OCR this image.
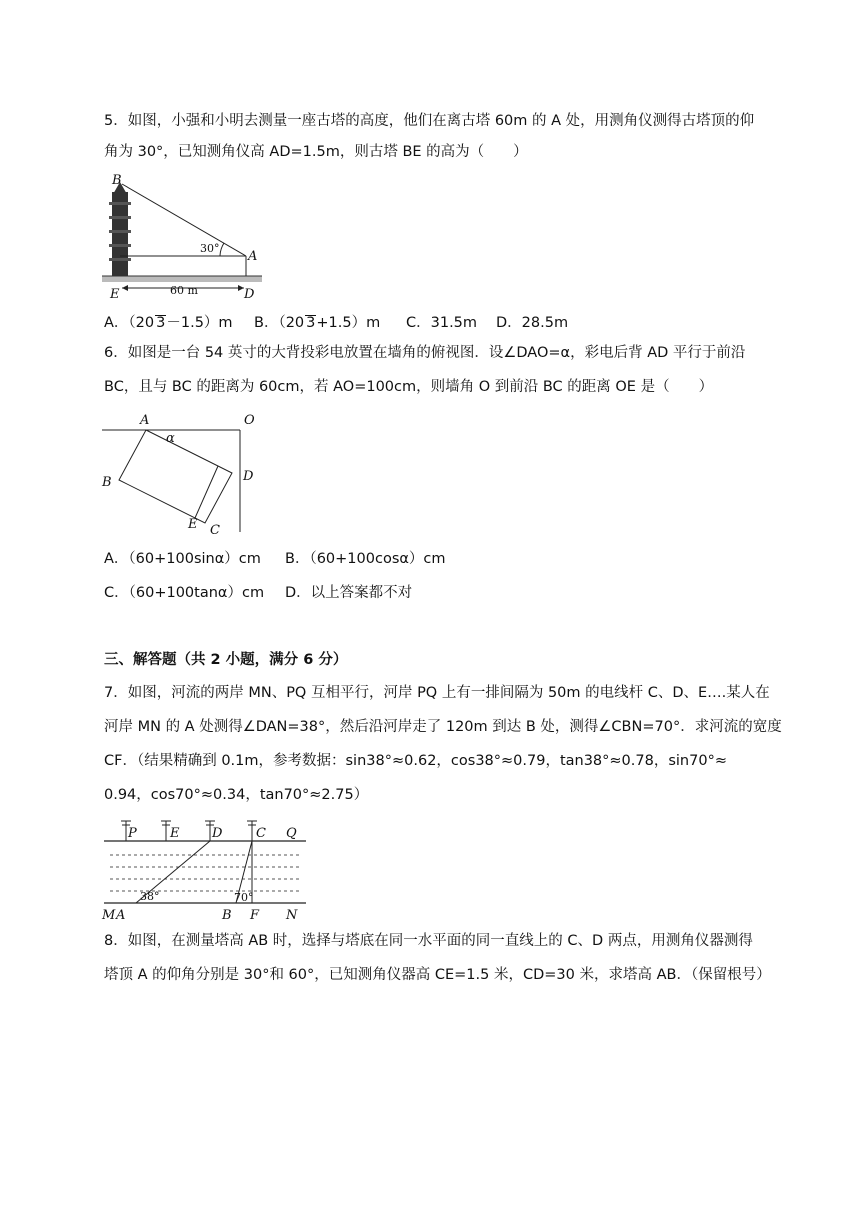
5．如图，小强和小明去测量一座古塔的高度，他们在离古塔 60m 的 A 处，用测角仪测得古塔顶的仰
角为 30°，已知测角仪高 AD=1.5m，则古塔 BE 的高为（　　）
B
A
E	D
30°
60 m
A．（20 3－1.5）m B．（20 3+1.5）m C．31.5m D．28.5m
6．如图是一台 54 英寸的大背投彩电放置在墙角的俯视图．设∠DAO=α，彩电后背 AD 平行于前沿
BC，且与 BC 的距离为 60cm，若 AO=100cm，则墙角 O 到前沿 BC 的距离 OE 是（　　）
A	O
B	D
E C
α
A．（60+100sinα）cm B．（60+100cosα）cm
C．（60+100tanα）cm D．以上答案都不对
三、解答题（共 2 小题，满分 6 分）
7．如图，河流的两岸 MN、PQ 互相平行，河岸 PQ 上有一排间隔为 50m 的电线杆 C、D、E….某人在
河岸 MN 的 A 处测得∠DAN=38°，然后沿河岸走了 120m 到达 B 处，测得∠CBN=70°．求河流的宽度
CF．（结果精确到 0.1m，参考数据：sin38°≈0.62，cos38°≈0.79，tan38°≈0.78，sin70°≈
0.94，cos70°≈0.34，tan70°≈2.75）
P	E	D	C Q
M A	B F N
38°	70°
8．如图，在测量塔高 AB 时，选择与塔底在同一水平面的同一直线上的 C、D 两点，用测角仪器测得
塔顶 A 的仰角分别是 30°和 60°，已知测角仪器高 CE=1.5 米，CD=30 米，求塔高 AB．（保留根号）
